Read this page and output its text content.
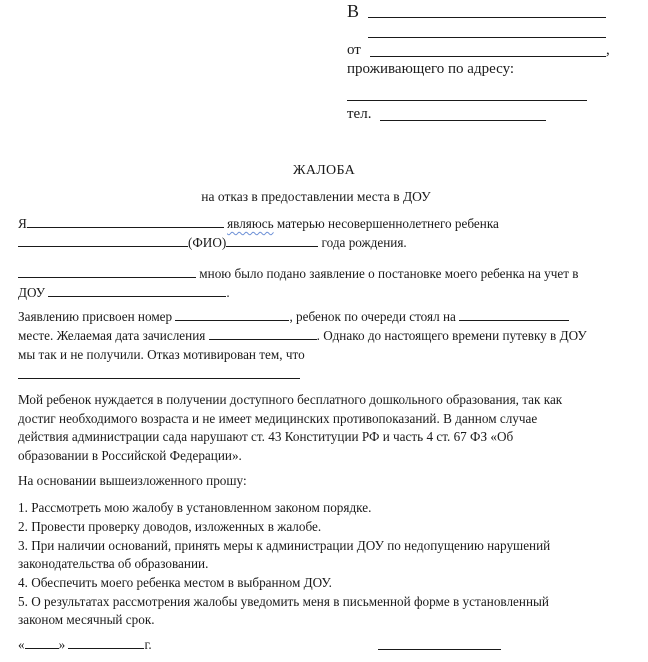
В
от	,
проживающего по адресу:
тел.
ЖАЛОБА
на отказ в предоставлении места в ДОУ
Я	являюсь матерью несовершеннолетнего ребенка
(ФИО)	года рождения.
мною было подано заявление о постановке моего ребенка на учет в
ДОУ	.
Заявлению присвоен номер	, ребенок по очереди стоял на
месте. Желаемая дата зачисления	. Однако до настоящего времени путевку в ДОУ
мы так и не получили. Отказ мотивирован тем, что
Мой ребенок нуждается в получении доступного бесплатного дошкольного образования, так как
достиг необходимого возраста и не имеет медицинских противопоказаний. В данном случае
действия администрации сада нарушают ст. 43 Конституции РФ и часть 4 ст. 67 ФЗ «Об
образовании в Российской Федерации».
На основании вышеизложенного прошу:
1. Рассмотреть мою жалобу в установленном законом порядке.
2. Провести проверку доводов, изложенных в жалобе.
3. При наличии оснований, принять меры к администрации ДОУ по недопущению нарушений
законодательства об образовании.
4. Обеспечить моего ребенка местом в выбранном ДОУ.
5. О результатах рассмотрения жалобы уведомить меня в письменной форме в установленный
законом месячный срок.
«	»	г.
